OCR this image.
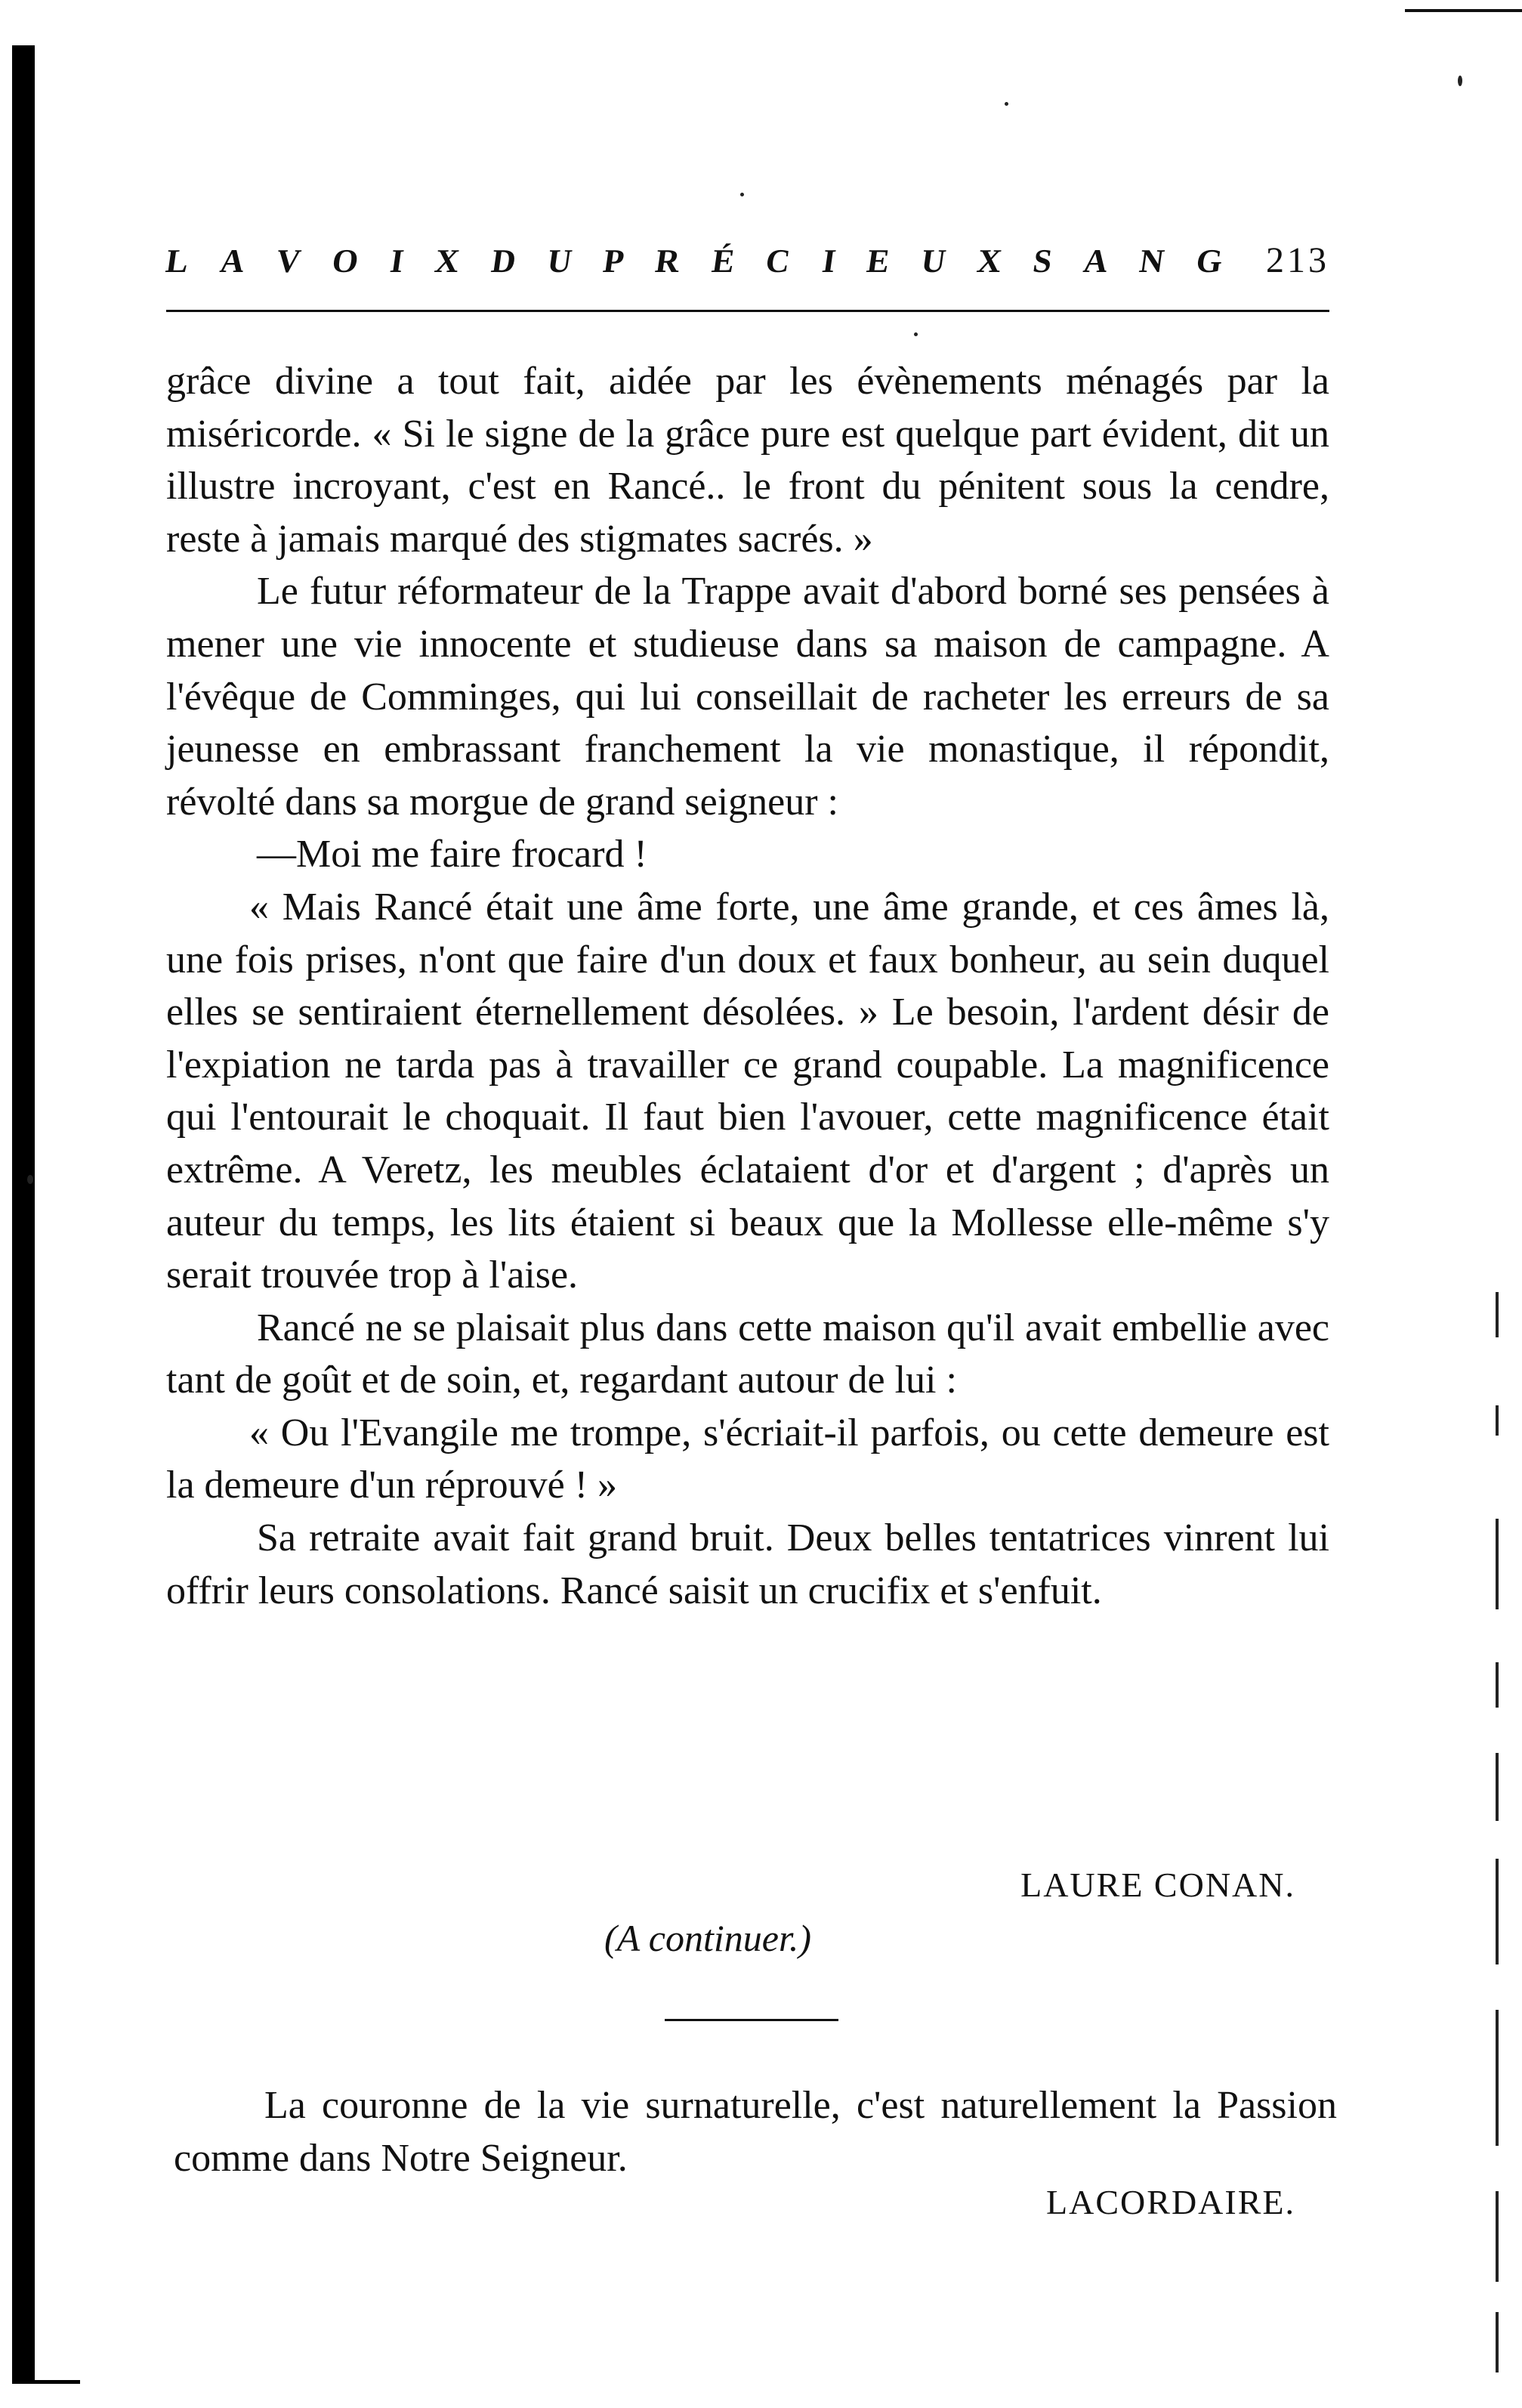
L A V O I X D U P R É C I E U X S A N G 213

grâce divine a tout fait, aidée par les évènements ménagés par la miséricorde. « Si le signe de la grâce pure est quelque part évident, dit un illustre incroyant, c'est en Rancé.. le front du pénitent sous la cendre, reste à jamais marqué des stigmates sacrés. »

Le futur réformateur de la Trappe avait d'abord borné ses pensées à mener une vie innocente et studieuse dans sa maison de campagne. A l'évêque de Comminges, qui lui conseillait de racheter les erreurs de sa jeunesse en embrassant franchement la vie monastique, il répondit, révolté dans sa morgue de grand seigneur :

—Moi me faire frocard !

« Mais Rancé était une âme forte, une âme grande, et ces âmes là, une fois prises, n'ont que faire d'un doux et faux bonheur, au sein duquel elles se sentiraient éternellement désolées. » Le besoin, l'ardent désir de l'expiation ne tarda pas à travailler ce grand coupable. La magnificence qui l'entourait le choquait. Il faut bien l'avouer, cette magnificence était extrême. A Veretz, les meubles éclataient d'or et d'argent ; d'après un auteur du temps, les lits étaient si beaux que la Mollesse elle-même s'y serait trouvée trop à l'aise.

Rancé ne se plaisait plus dans cette maison qu'il avait embellie avec tant de goût et de soin, et, regardant autour de lui :

« Ou l'Evangile me trompe, s'écriait-il parfois, ou cette demeure est la demeure d'un réprouvé ! »

Sa retraite avait fait grand bruit. Deux belles tentatrices vinrent lui offrir leurs consolations. Rancé saisit un crucifix et s'enfuit.

LAURE CONAN.
(A continuer.)

La couronne de la vie surnaturelle, c'est naturellement la Passion comme dans Notre Seigneur.

LACORDAIRE.
